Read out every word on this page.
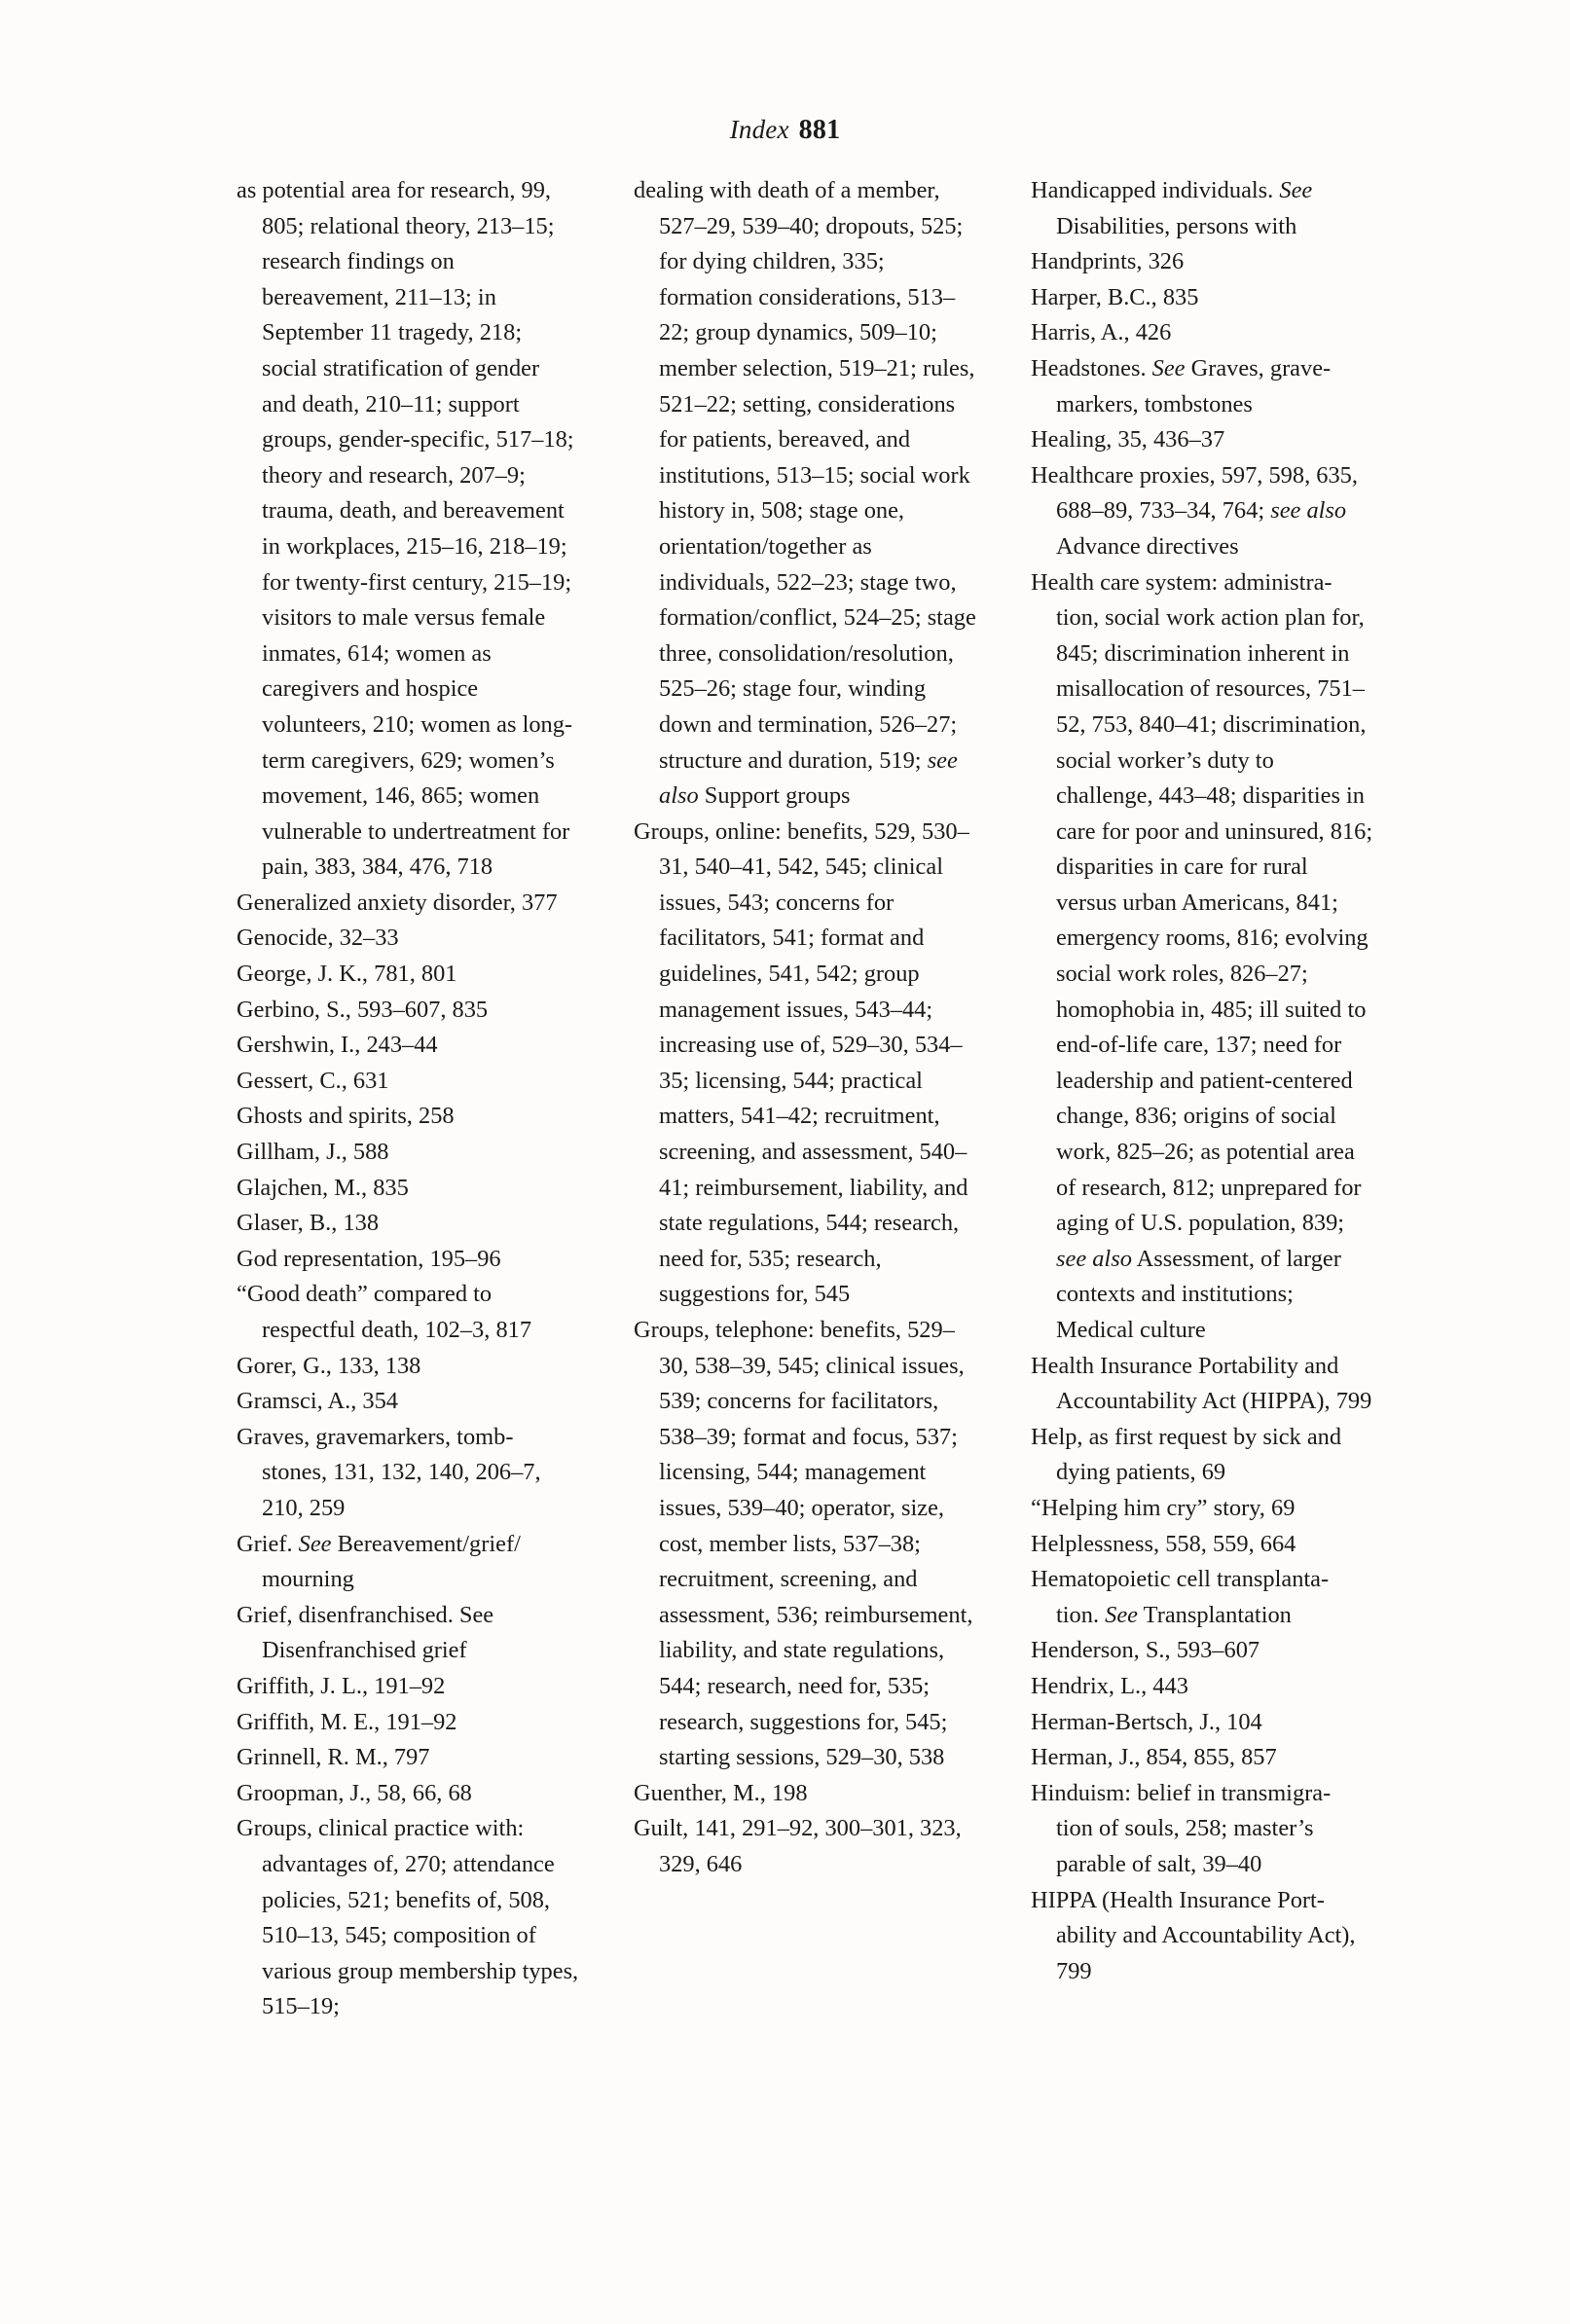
Index 881

as potential area for research, 99, 805; relational theory, 213–15; research findings on bereavement, 211–13; in September 11 tragedy, 218; social stratification of gender and death, 210–11; support groups, gender-specific, 517–18; theory and research, 207–9; trauma, death, and bereavement in workplaces, 215–16, 218–19; for twenty-first century, 215–19; visitors to male versus female inmates, 614; women as caregivers and hospice volunteers, 210; women as long-term caregivers, 629; women’s movement, 146, 865; women vulnerable to undertreatment for pain, 383, 384, 476, 718

Generalized anxiety disorder, 377

Genocide, 32–33

George, J. K., 781, 801

Gerbino, S., 593–607, 835

Gershwin, I., 243–44

Gessert, C., 631

Ghosts and spirits, 258

Gillham, J., 588

Glajchen, M., 835

Glaser, B., 138

God representation, 195–96

“Good death” compared to respectful death, 102–3, 817

Gorer, G., 133, 138

Gramsci, A., 354

Graves, gravemarkers, tomb- stones, 131, 132, 140, 206–7, 210, 259

Grief. See Bereavement/grief/ mourning

Grief, disenfranchised. See Disenfranchised grief

Griffith, J. L., 191–92

Griffith, M. E., 191–92

Grinnell, R. M., 797

Groopman, J., 58, 66, 68

Groups, clinical practice with: advantages of, 270; attendance policies, 521; benefits of, 508, 510–13, 545; composition of various group membership types, 515–19;

dealing with death of a member, 527–29, 539–40; dropouts, 525; for dying children, 335; formation considerations, 513–22; group dynamics, 509–10; member selection, 519–21; rules, 521–22; setting, considerations for patients, bereaved, and institutions, 513–15; social work history in, 508; stage one, orientation/together as individuals, 522–23; stage two, formation/conflict, 524–25; stage three, consolidation/resolution, 525–26; stage four, winding down and termination, 526–27; structure and duration, 519; see also Support groups

Groups, online: benefits, 529, 530–31, 540–41, 542, 545; clinical issues, 543; concerns for facilitators, 541; format and guidelines, 541, 542; group management issues, 543–44; increasing use of, 529–30, 534–35; licensing, 544; practical matters, 541–42; recruitment, screening, and assessment, 540–41; reimbursement, liability, and state regulations, 544; research, need for, 535; research, suggestions for, 545

Groups, telephone: benefits, 529–30, 538–39, 545; clinical issues, 539; concerns for facilitators, 538–39; format and focus, 537; licensing, 544; management issues, 539–40; operator, size, cost, member lists, 537–38; recruitment, screening, and assessment, 536; reimbursement, liability, and state regulations, 544; research, need for, 535; research, suggestions for, 545; starting sessions, 529–30, 538

Guenther, M., 198

Guilt, 141, 291–92, 300–301, 323, 329, 646

Handicapped individuals. See Disabilities, persons with

Handprints, 326

Harper, B.C., 835

Harris, A., 426

Headstones. See Graves, grave- markers, tombstones

Healing, 35, 436–37

Healthcare proxies, 597, 598, 635, 688–89, 733–34, 764; see also Advance directives

Health care system: administra- tion, social work action plan for, 845; discrimination inherent in misallocation of resources, 751–52, 753, 840–41; discrimination, social worker’s duty to challenge, 443–48; disparities in care for poor and uninsured, 816; disparities in care for rural versus urban Americans, 841; emergency rooms, 816; evolving social work roles, 826–27; homophobia in, 485; ill suited to end-of-life care, 137; need for leadership and patient-centered change, 836; origins of social work, 825–26; as potential area of research, 812; unprepared for aging of U.S. population, 839; see also Assessment, of larger contexts and institutions; Medical culture

Health Insurance Portability and Accountability Act (HIPPA), 799

Help, as first request by sick and dying patients, 69

“Helping him cry” story, 69

Helplessness, 558, 559, 664

Hematopoietic cell transplanta- tion. See Transplantation

Henderson, S., 593–607

Hendrix, L., 443

Herman-Bertsch, J., 104

Herman, J., 854, 855, 857

Hinduism: belief in transmigra- tion of souls, 258; master’s parable of salt, 39–40

HIPPA (Health Insurance Port- ability and Accountability Act), 799
